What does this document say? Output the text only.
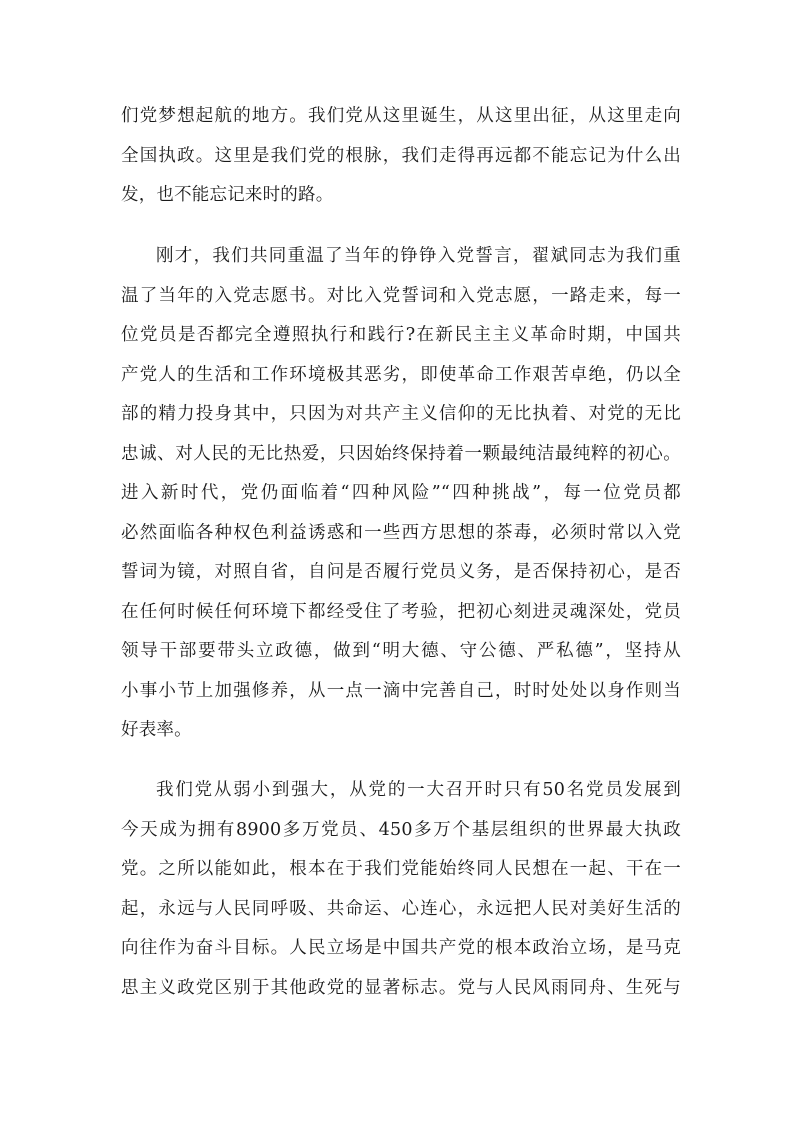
们党梦想起航的地方。我们党从这里诞生，从这里出征，从这里走向
全国执政。这里是我们党的根脉，我们走得再远都不能忘记为什么出
发，也不能忘记来时的路。
刚才，我们共同重温了当年的铮铮入党誓言，翟斌同志为我们重
温了当年的入党志愿书。对比入党誓词和入党志愿，一路走来，每一
位党员是否都完全遵照执行和践行?在新民主主义革命时期，中国共
产党人的生活和工作环境极其恶劣，即使革命工作艰苦卓绝，仍以全
部的精力投身其中，只因为对共产主义信仰的无比执着、对党的无比
忠诚、对人民的无比热爱，只因始终保持着一颗最纯洁最纯粹的初心。
进入新时代，党仍面临着“四种风险”“四种挑战”，每一位党员都
必然面临各种权色利益诱惑和一些西方思想的茶毒，必须时常以入党
誓词为镜，对照自省，自问是否履行党员义务，是否保持初心，是否
在任何时候任何环境下都经受住了考验，把初心刻进灵魂深处，党员
领导干部要带头立政德，做到“明大德、守公德、严私德”，坚持从
小事小节上加强修养，从一点一滴中完善自己，时时处处以身作则当
好表率。
我们党从弱小到强大，从党的一大召开时只有50名党员发展到
今天成为拥有8900多万党员、450多万个基层组织的世界最大执政
党。之所以能如此，根本在于我们党能始终同人民想在一起、干在一
起，永远与人民同呼吸、共命运、心连心，永远把人民对美好生活的
向往作为奋斗目标。人民立场是中国共产党的根本政治立场，是马克
思主义政党区别于其他政党的显著标志。党与人民风雨同舟、生死与
